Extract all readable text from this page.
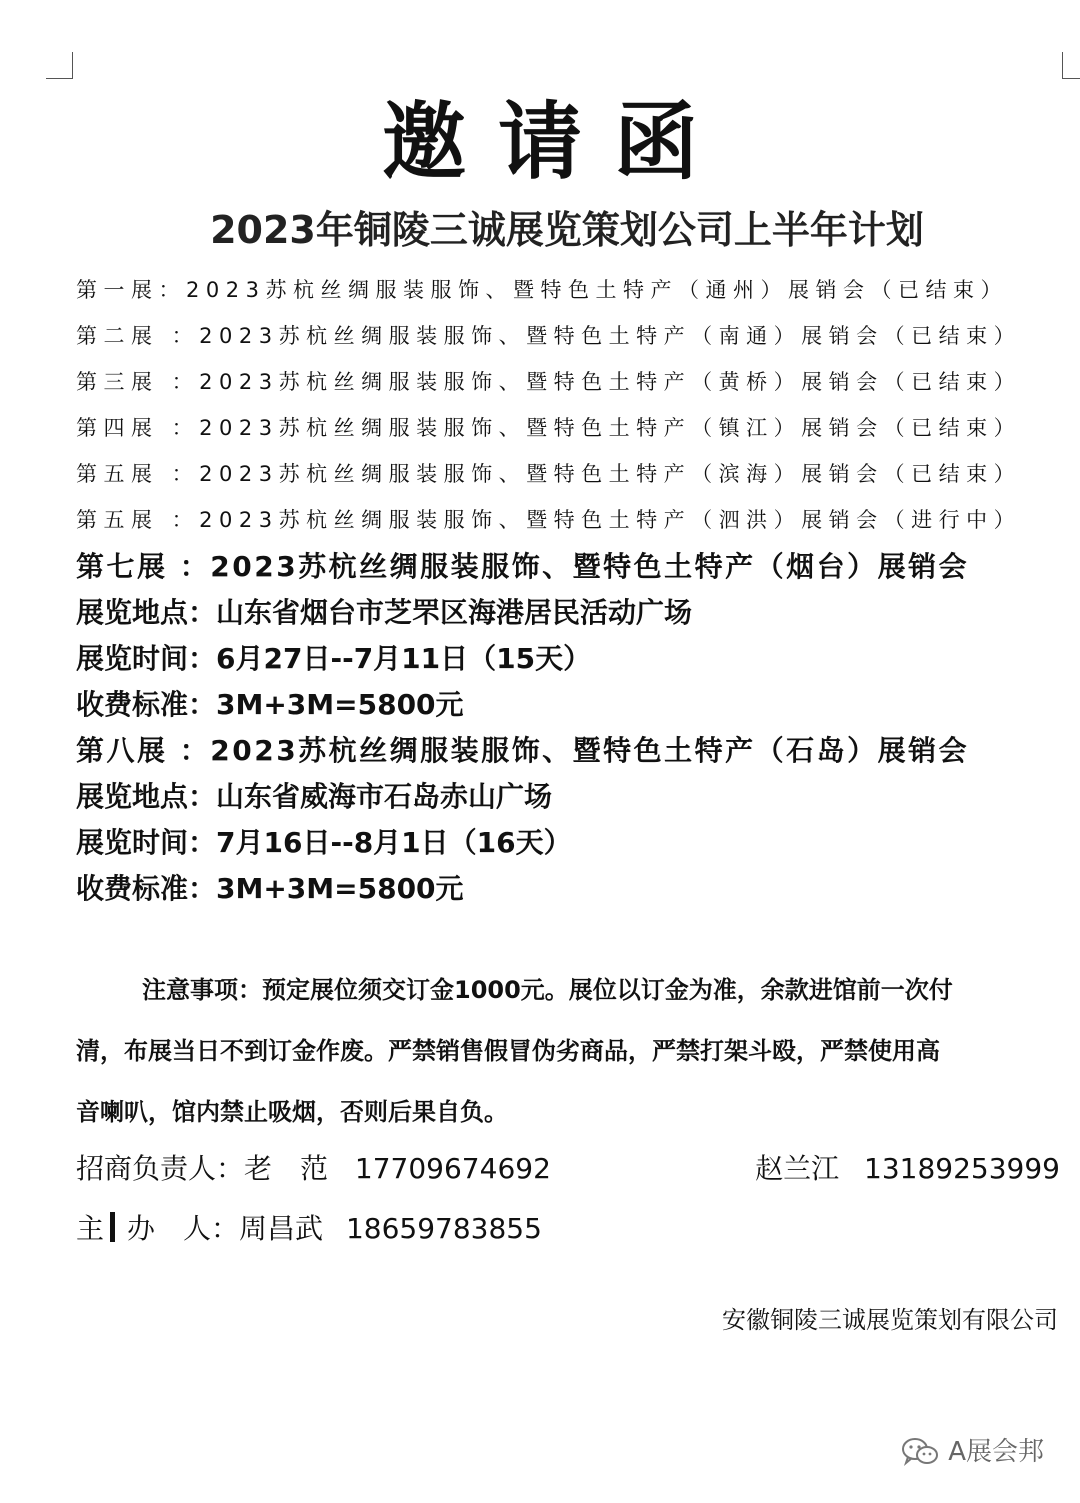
邀请函
2023年铜陵三诚展览策划公司上半年计划
第一展：2023苏杭丝绸服装服饰、暨特色土特产（通州）展销会（已结束）
第二展 ：2023苏杭丝绸服装服饰、暨特色土特产（南通）展销会（已结束）
第三展 ：2023苏杭丝绸服装服饰、暨特色土特产（黄桥）展销会（已结束）
第四展 ：2023苏杭丝绸服装服饰、暨特色土特产（镇江）展销会（已结束）
第五展 ：2023苏杭丝绸服装服饰、暨特色土特产（滨海）展销会（已结束）
第五展 ：2023苏杭丝绸服装服饰、暨特色土特产（泗洪）展销会（进行中）
第七展 ：2023苏杭丝绸服装服饰、暨特色土特产（烟台）展销会
展览地点：山东省烟台市芝罘区海港居民活动广场
展览时间：6月27日--7月11日（15天）
收费标准：3M+3M=5800元
第八展 ：2023苏杭丝绸服装服饰、暨特色土特产（石岛）展销会
展览地点：山东省威海市石岛赤山广场
展览时间：7月16日--8月1日（16天）
收费标准：3M+3M=5800元
注意事项：预定展位须交订金1000元。展位以订金为准，余款进馆前一次付
清，布展当日不到订金作废。严禁销售假冒伪劣商品，严禁打架斗殴，严禁使用高
音喇叭，馆内禁止吸烟，否则后果自负。
招商负责人：老　范 17709674692	赵兰江 13189253999
主 办　人：周昌武 18659783855
安徽铜陵三诚展览策划有限公司
A展会邦
